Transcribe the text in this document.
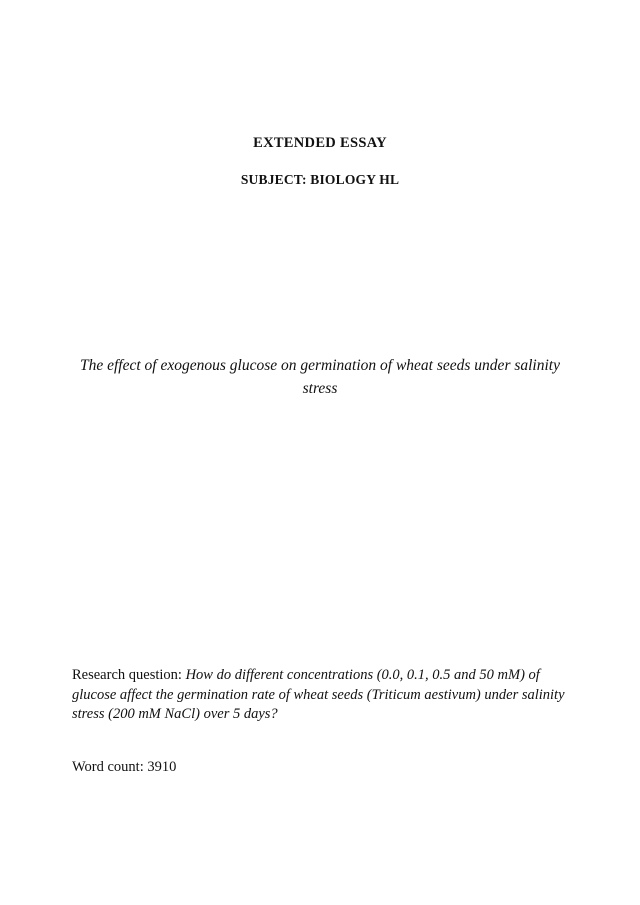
EXTENDED ESSAY

SUBJECT: BIOLOGY HL

The effect of exogenous glucose on germination of wheat seeds under salinity stress

Research question: How do different concentrations (0.0, 0.1, 0.5 and 50 mM) of glucose affect the germination rate of wheat seeds (Triticum aestivum) under salinity stress (200 mM NaCl) over 5 days?

Word count: 3910
